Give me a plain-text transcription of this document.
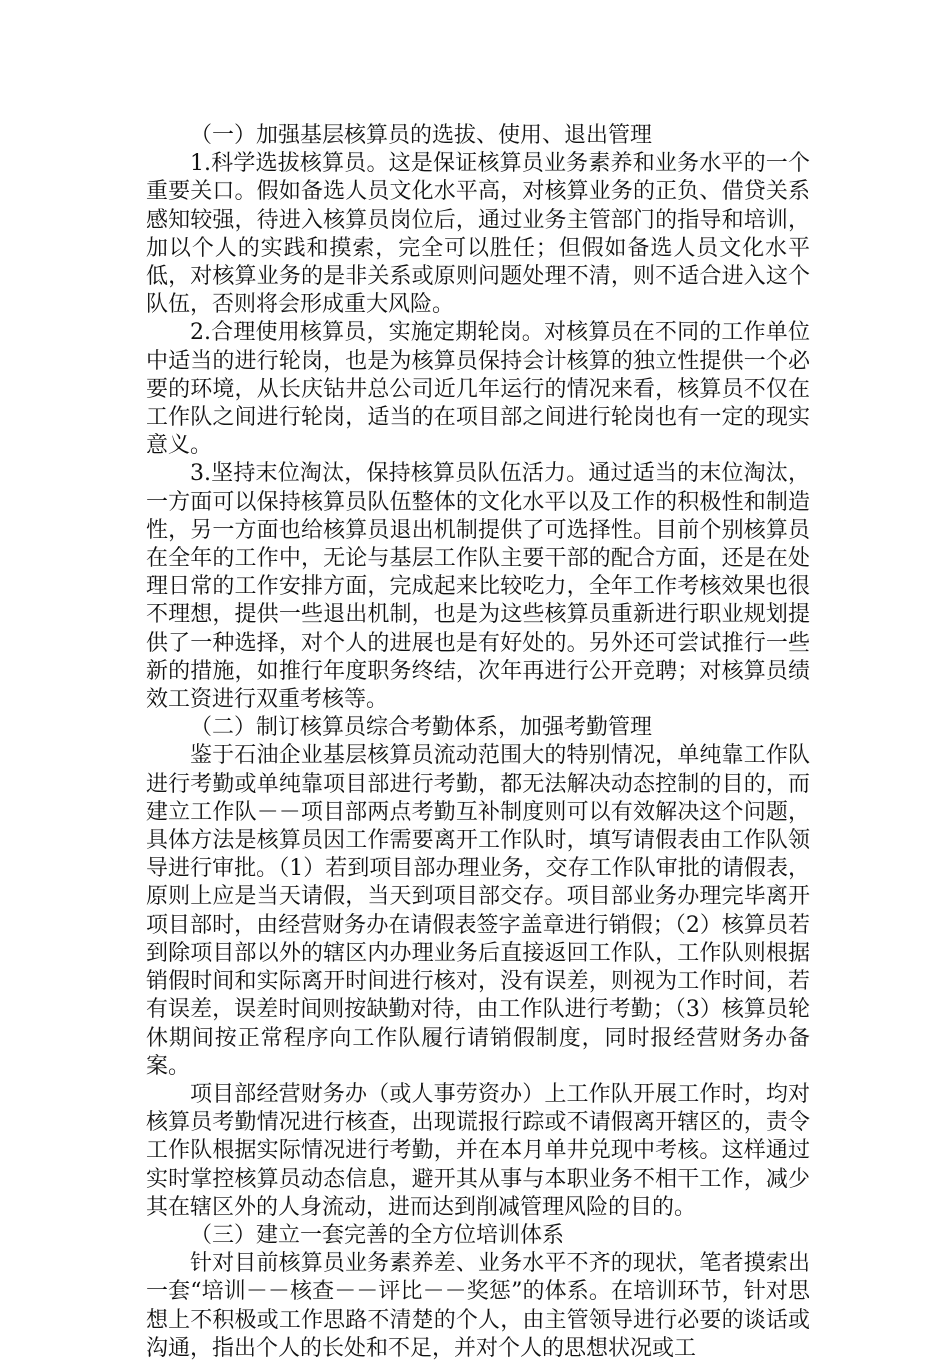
（一）加强基层核算员的选拔、使用、退出管理

1.科学选拔核算员。这是保证核算员业务素养和业务水平的一个重要关口。假如备选人员文化水平高，对核算业务的正负、借贷关系感知较强，待进入核算员岗位后，通过业务主管部门的指导和培训，加以个人的实践和摸索，完全可以胜任；但假如备选人员文化水平低，对核算业务的是非关系或原则问题处理不清，则不适合进入这个队伍，否则将会形成重大风险。

2.合理使用核算员，实施定期轮岗。对核算员在不同的工作单位中适当的进行轮岗，也是为核算员保持会计核算的独立性提供一个必要的环境，从长庆钻井总公司近几年运行的情况来看，核算员不仅在工作队之间进行轮岗，适当的在项目部之间进行轮岗也有一定的现实意义。

3.坚持末位淘汰，保持核算员队伍活力。通过适当的末位淘汰，一方面可以保持核算员队伍整体的文化水平以及工作的积极性和制造性，另一方面也给核算员退出机制提供了可选择性。目前个别核算员在全年的工作中，无论与基层工作队主要干部的配合方面，还是在处理日常的工作安排方面，完成起来比较吃力，全年工作考核效果也很不理想，提供一些退出机制，也是为这些核算员重新进行职业规划提供了一种选择，对个人的进展也是有好处的。另外还可尝试推行一些新的措施，如推行年度职务终结，次年再进行公开竞聘；对核算员绩效工资进行双重考核等。

（二）制订核算员综合考勤体系，加强考勤管理

鉴于石油企业基层核算员流动范围大的特别情况，单纯靠工作队进行考勤或单纯靠项目部进行考勤，都无法解决动态控制的目的，而建立工作队－－项目部两点考勤互补制度则可以有效解决这个问题，具体方法是核算员因工作需要离开工作队时，填写请假表由工作队领导进行审批。（1）若到项目部办理业务，交存工作队审批的请假表，原则上应是当天请假，当天到项目部交存。项目部业务办理完毕离开项目部时，由经营财务办在请假表签字盖章进行销假；（2）核算员若到除项目部以外的辖区内办理业务后直接返回工作队，工作队则根据销假时间和实际离开时间进行核对，没有误差，则视为工作时间，若有误差，误差时间则按缺勤对待，由工作队进行考勤；（3）核算员轮休期间按正常程序向工作队履行请销假制度，同时报经营财务办备案。

项目部经营财务办（或人事劳资办）上工作队开展工作时，均对核算员考勤情况进行核查，出现谎报行踪或不请假离开辖区的，责令工作队根据实际情况进行考勤，并在本月单井兑现中考核。这样通过实时掌控核算员动态信息，避开其从事与本职业务不相干工作，减少其在辖区外的人身流动，进而达到削减管理风险的目的。

（三）建立一套完善的全方位培训体系

针对目前核算员业务素养差、业务水平不齐的现状，笔者摸索出一套“培训－－核查－－评比－－奖惩”的体系。在培训环节，针对思想上不积极或工作思路不清楚的个人，由主管领导进行必要的谈话或沟通，指出个人的长处和不足，并对个人的思想状况或工
